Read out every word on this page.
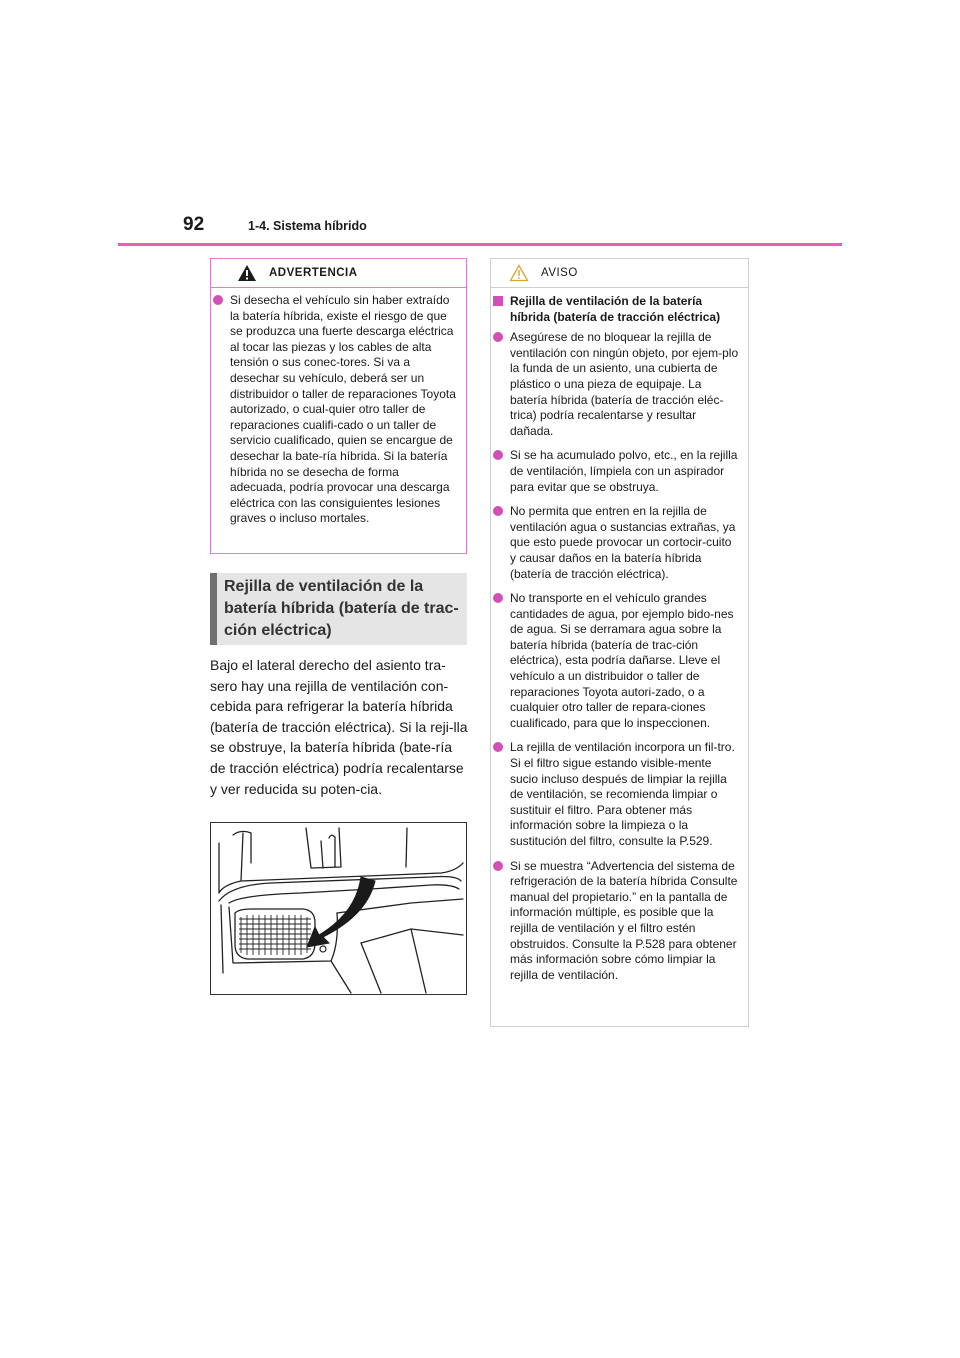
92	1-4. Sistema híbrido
ADVERTENCIA
Si desecha el vehículo sin haber extraído la batería híbrida, existe el riesgo de que se produzca una fuerte descarga eléctrica al tocar las piezas y los cables de alta tensión o sus conec-tores. Si va a desechar su vehículo, deberá ser un distribuidor o taller de reparaciones Toyota autorizado, o cual-quier otro taller de reparaciones cualifi-cado o un taller de servicio cualificado, quien se encargue de desechar la bate-ría híbrida. Si la batería híbrida no se desecha de forma adecuada, podría provocar una descarga eléctrica con las consiguientes lesiones graves o incluso mortales.
Rejilla de ventilación de la batería híbrida (batería de trac-ción eléctrica)
Bajo el lateral derecho del asiento tra-sero hay una rejilla de ventilación con-cebida para refrigerar la batería híbrida (batería de tracción eléctrica). Si la reji-lla se obstruye, la batería híbrida (bate-ría de tracción eléctrica) podría recalentarse y ver reducida su poten-cia.
AVISO
Rejilla de ventilación de la batería híbrida (batería de tracción eléctrica)
Asegúrese de no bloquear la rejilla de ventilación con ningún objeto, por ejem-plo la funda de un asiento, una cubierta de plástico o una pieza de equipaje. La batería híbrida (batería de tracción eléc-trica) podría recalentarse y resultar dañada.
Si se ha acumulado polvo, etc., en la rejilla de ventilación, límpiela con un aspirador para evitar que se obstruya.
No permita que entren en la rejilla de ventilación agua o sustancias extrañas, ya que esto puede provocar un cortocir-cuito y causar daños en la batería híbrida (batería de tracción eléctrica).
No transporte en el vehículo grandes cantidades de agua, por ejemplo bido-nes de agua. Si se derramara agua sobre la batería híbrida (batería de trac-ción eléctrica), esta podría dañarse. Lleve el vehículo a un distribuidor o taller de reparaciones Toyota autori-zado, o a cualquier otro taller de repara-ciones cualificado, para que lo inspeccionen.
La rejilla de ventilación incorpora un fil-tro. Si el filtro sigue estando visible-mente sucio incluso después de limpiar la rejilla de ventilación, se recomienda limpiar o sustituir el filtro. Para obtener más información sobre la limpieza o la sustitución del filtro, consulte la P.529.
Si se muestra “Advertencia del sistema de refrigeración de la batería híbrida Consulte manual del propietario.” en la pantalla de información múltiple, es posible que la rejilla de ventilación y el filtro estén obstruidos. Consulte la P.528 para obtener más información sobre cómo limpiar la rejilla de ventilación.
